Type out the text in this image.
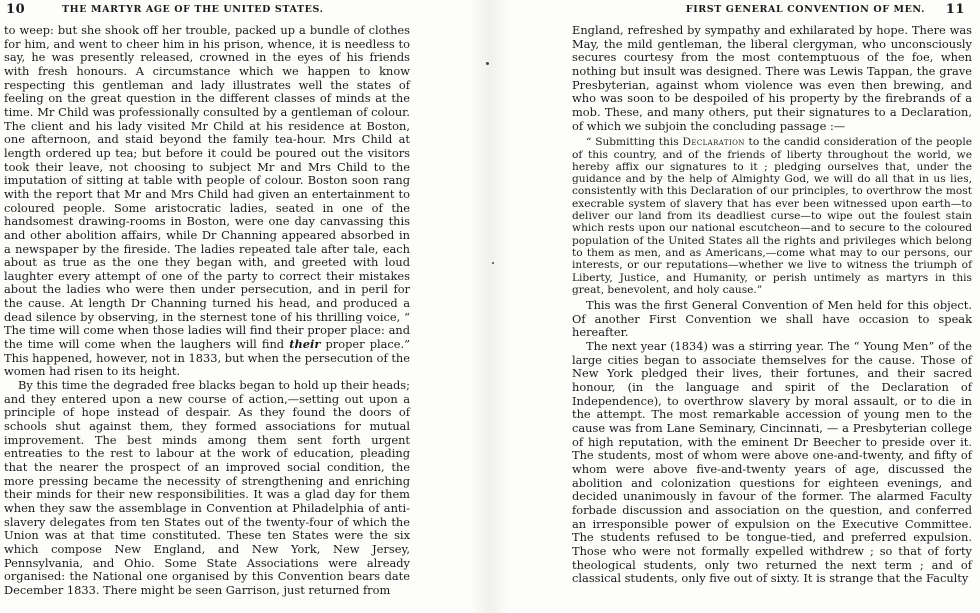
10	THE MARTYR AGE OF THE UNITED STATES.

to weep: but she shook off her trouble, packed up a bundle of clothes for him, and went to cheer him in his prison, whence, it is needless to say, he was presently released, crowned in the eyes of his friends with fresh honours. A circumstance which we happen to know respecting this gentleman and lady illustrates well the states of feeling on the great question in the different classes of minds at the time. Mr Child was professionally consulted by a gentleman of colour. The client and his lady visited Mr Child at his residence at Boston, one afternoon, and staid beyond the family tea-hour. Mrs Child at length ordered up tea; but before it could be poured out the visitors took their leave, not choosing to subject Mr and Mrs Child to the imputation of sitting at table with people of colour. Boston soon rang with the report that Mr and Mrs Child had given an entertainment to coloured people. Some aristocratic ladies, seated in one of the handsomest drawing-rooms in Boston, were one day canvassing this and other abolition affairs, while Dr Channing appeared absorbed in a newspaper by the fireside. The ladies repeated tale after tale, each about as true as the one they began with, and greeted with loud laughter every attempt of one of the party to correct their mistakes about the ladies who were then under persecution, and in peril for the cause. At length Dr Channing turned his head, and produced a dead silence by observing, in the sternest tone of his thrilling voice, “ The time will come when those ladies will find their proper place: and the time will come when the laughers will find their proper place.” This happened, however, not in 1833, but when the persecution of the women had risen to its height.

By this time the degraded free blacks began to hold up their heads; and they entered upon a new course of action,—setting out upon a principle of hope instead of despair. As they found the doors of schools shut against them, they formed associations for mutual improvement. The best minds among them sent forth urgent entreaties to the rest to labour at the work of education, pleading that the nearer the prospect of an improved social condition, the more pressing became the necessity of strengthening and enriching their minds for their new responsibilities. It was a glad day for them when they saw the assemblage in Convention at Philadelphia of anti-slavery delegates from ten States out of the twenty-four of which the Union was at that time constituted. These ten States were the six which compose New England, and New York, New Jersey, Pennsylvania, and Ohio. Some State Associations were already organised: the National one organised by this Convention bears date December 1833. There might be seen Garrison, just returned from

FIRST GENERAL CONVENTION OF MEN. 11

England, refreshed by sympathy and exhilarated by hope. There was May, the mild gentleman, the liberal clergyman, who unconsciously secures courtesy from the most contemptuous of the foe, when nothing but insult was designed. There was Lewis Tappan, the grave Presbyterian, against whom violence was even then brewing, and who was soon to be despoiled of his property by the firebrands of a mob. These, and many others, put their signatures to a Declaration, of which we subjoin the concluding passage :—

“ Submitting this Declaration to the candid consideration of the people of this country, and of the friends of liberty throughout the world, we hereby affix our signatures to it ; pledging ourselves that, under the guidance and by the help of Almighty God, we will do all that in us lies, consistently with this Declaration of our principles, to overthrow the most execrable system of slavery that has ever been witnessed upon earth—to deliver our land from its deadliest curse—to wipe out the foulest stain which rests upon our national escutcheon—and to secure to the coloured population of the United States all the rights and privileges which belong to them as men, and as Americans,—come what may to our persons, our interests, or our reputations—whether we live to witness the triumph of Liberty, Justice, and Humanity, or perish untimely as martyrs in this great, benevolent, and holy cause.”

This was the first General Convention of Men held for this object. Of another First Convention we shall have occasion to speak hereafter.

The next year (1834) was a stirring year. The “ Young Men” of the large cities began to associate themselves for the cause. Those of New York pledged their lives, their fortunes, and their sacred honour, (in the language and spirit of the Declaration of Independence), to overthrow slavery by moral assault, or to die in the attempt. The most remarkable accession of young men to the cause was from Lane Seminary, Cincinnati, — a Presbyterian college of high reputation, with the eminent Dr Beecher to preside over it. The students, most of whom were above one-and-twenty, and fifty of whom were above five-and-twenty years of age, discussed the abolition and colonization questions for eighteen evenings, and decided unanimously in favour of the former. The alarmed Faculty forbade discussion and association on the question, and conferred an irresponsible power of expulsion on the Executive Committee. The students refused to be tongue-tied, and preferred expulsion. Those who were not formally expelled withdrew ; so that of forty theological students, only two returned the next term ; and of classical students, only five out of sixty. It is strange that the Faculty
